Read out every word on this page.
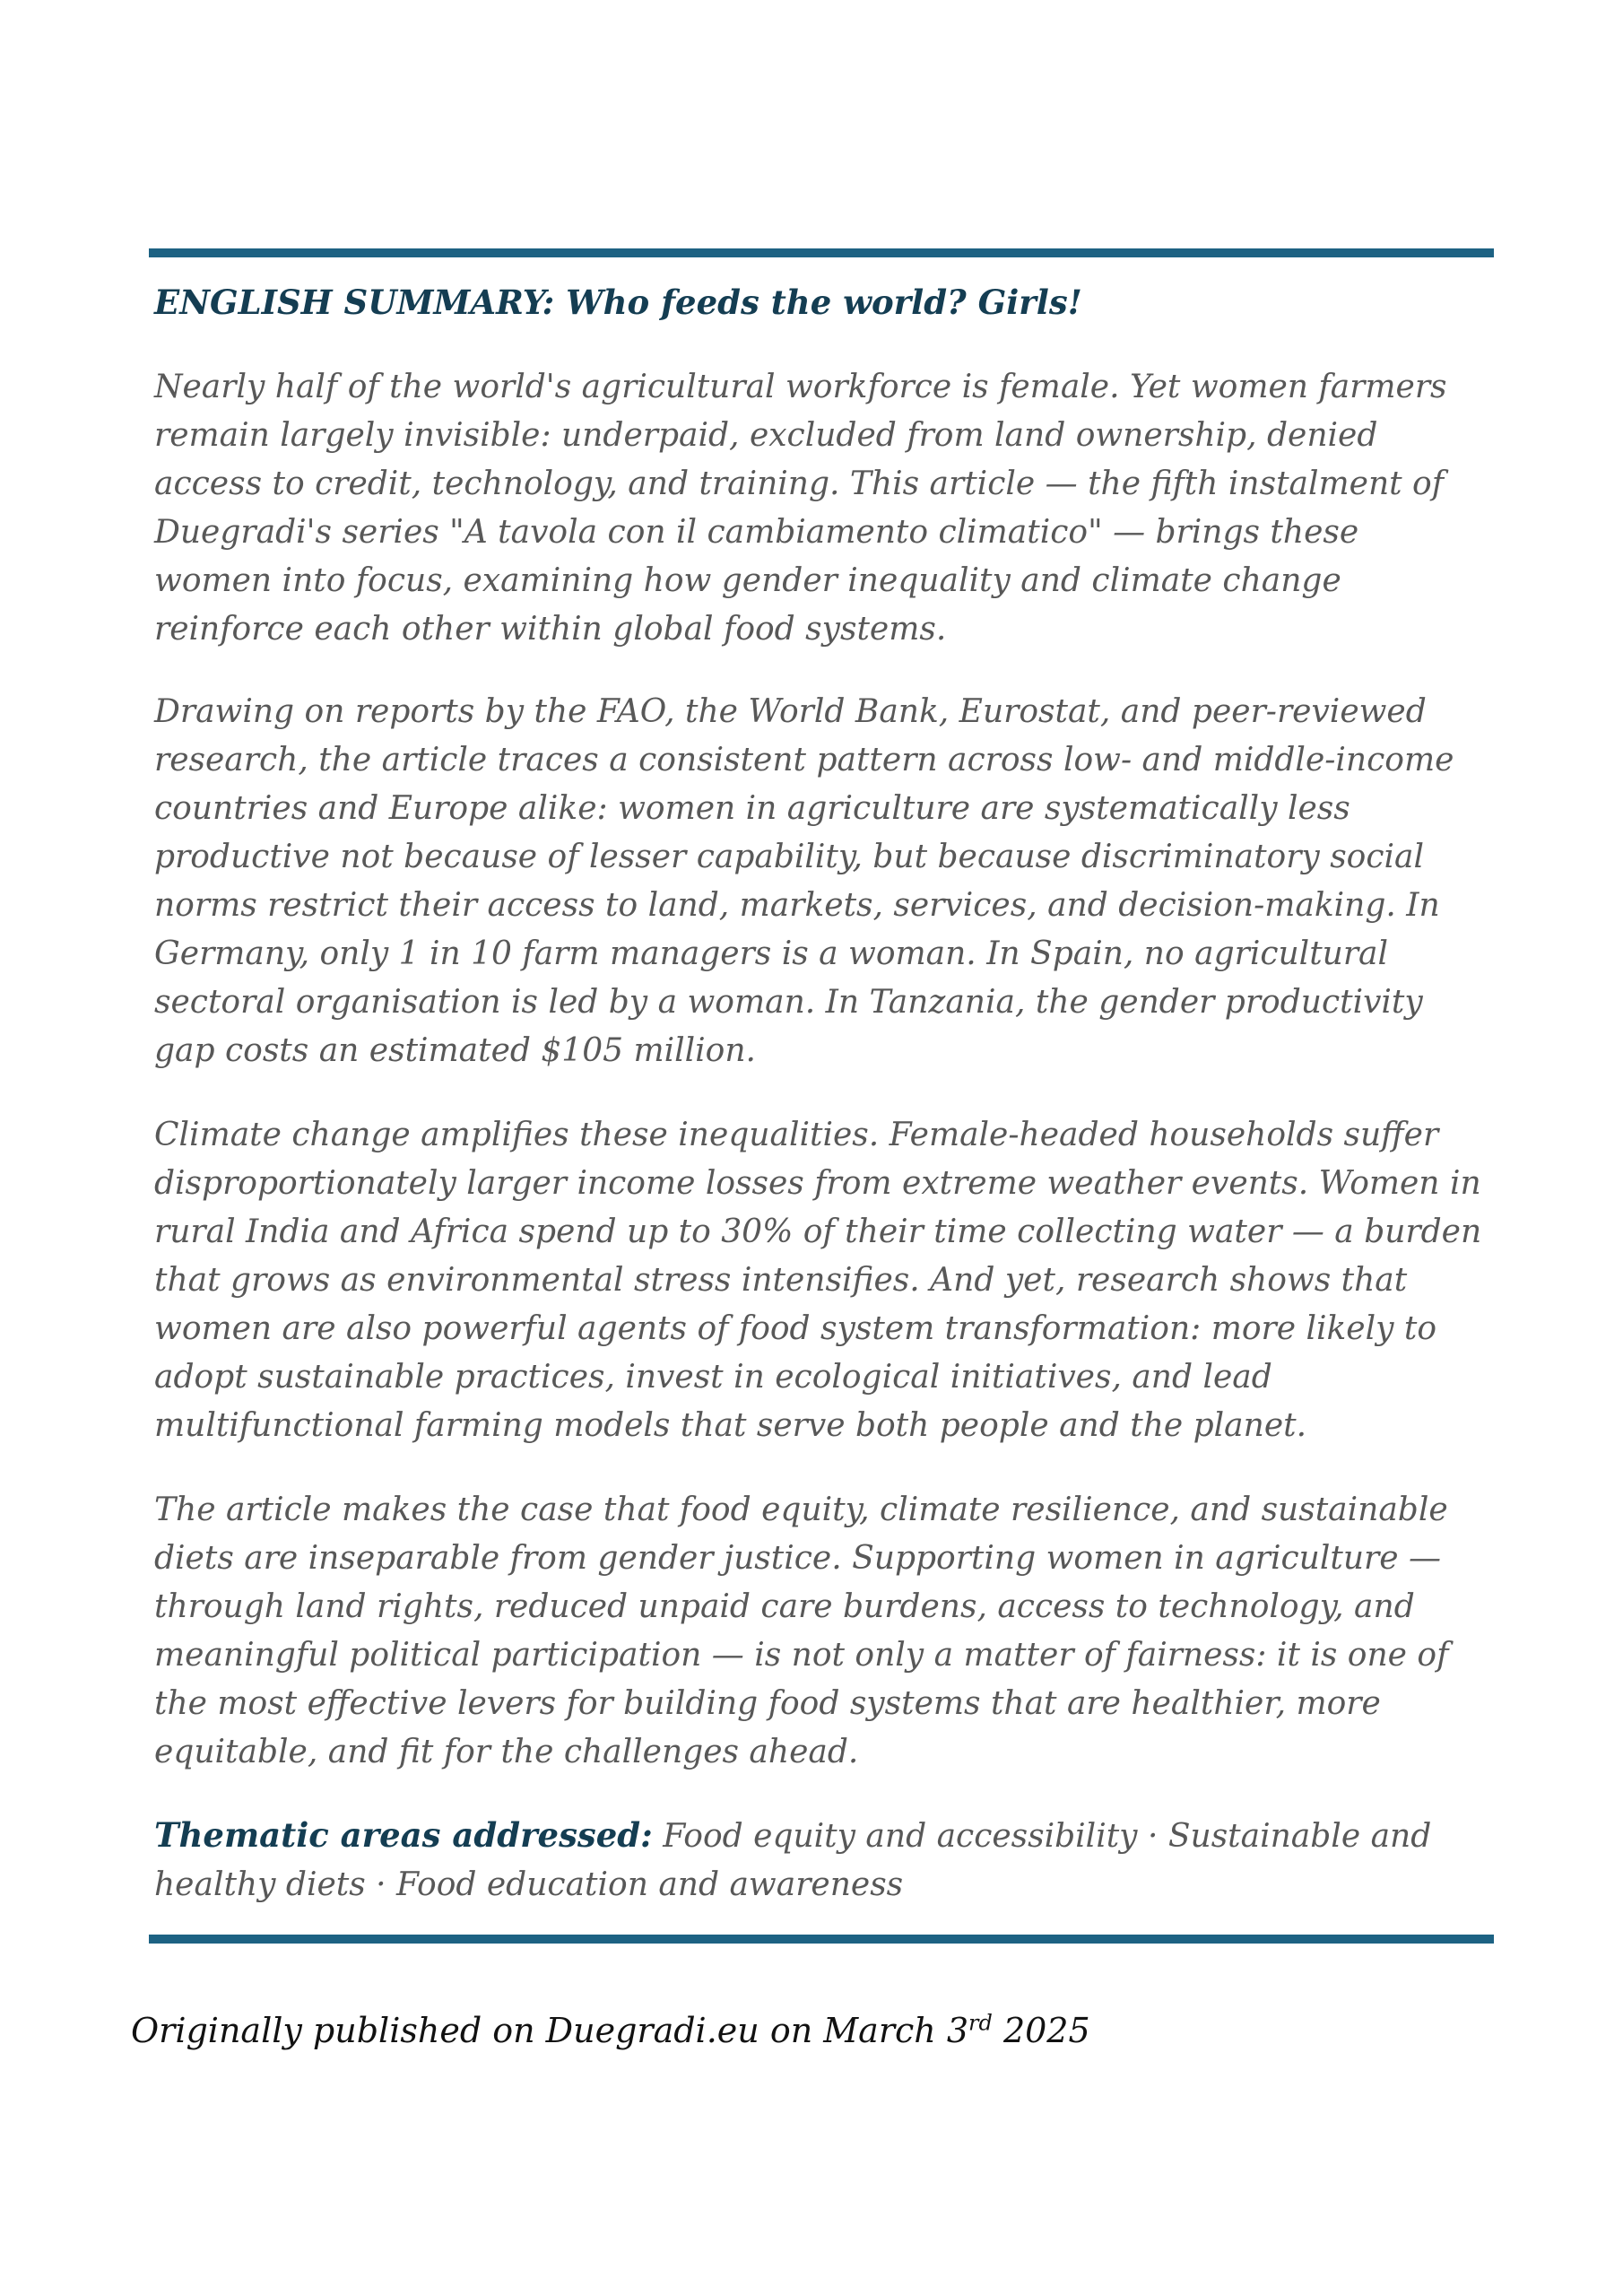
ENGLISH SUMMARY: Who feeds the world? Girls!

Nearly half of the world's agricultural workforce is female. Yet women farmers remain largely invisible: underpaid, excluded from land ownership, denied access to credit, technology, and training. This article — the fifth instalment of Duegradi's series "A tavola con il cambiamento climatico" — brings these women into focus, examining how gender inequality and climate change reinforce each other within global food systems.

Drawing on reports by the FAO, the World Bank, Eurostat, and peer-reviewed research, the article traces a consistent pattern across low- and middle-income countries and Europe alike: women in agriculture are systematically less productive not because of lesser capability, but because discriminatory social norms restrict their access to land, markets, services, and decision-making. In Germany, only 1 in 10 farm managers is a woman. In Spain, no agricultural sectoral organisation is led by a woman. In Tanzania, the gender productivity gap costs an estimated $105 million.

Climate change amplifies these inequalities. Female-headed households suffer disproportionately larger income losses from extreme weather events. Women in rural India and Africa spend up to 30% of their time collecting water — a burden that grows as environmental stress intensifies. And yet, research shows that women are also powerful agents of food system transformation: more likely to adopt sustainable practices, invest in ecological initiatives, and lead multifunctional farming models that serve both people and the planet.

The article makes the case that food equity, climate resilience, and sustainable diets are inseparable from gender justice. Supporting women in agriculture — through land rights, reduced unpaid care burdens, access to technology, and meaningful political participation — is not only a matter of fairness: it is one of the most effective levers for building food systems that are healthier, more equitable, and fit for the challenges ahead.

Thematic areas addressed: Food equity and accessibility · Sustainable and healthy diets · Food education and awareness

Originally published on Duegradi.eu on March 3rd 2025
